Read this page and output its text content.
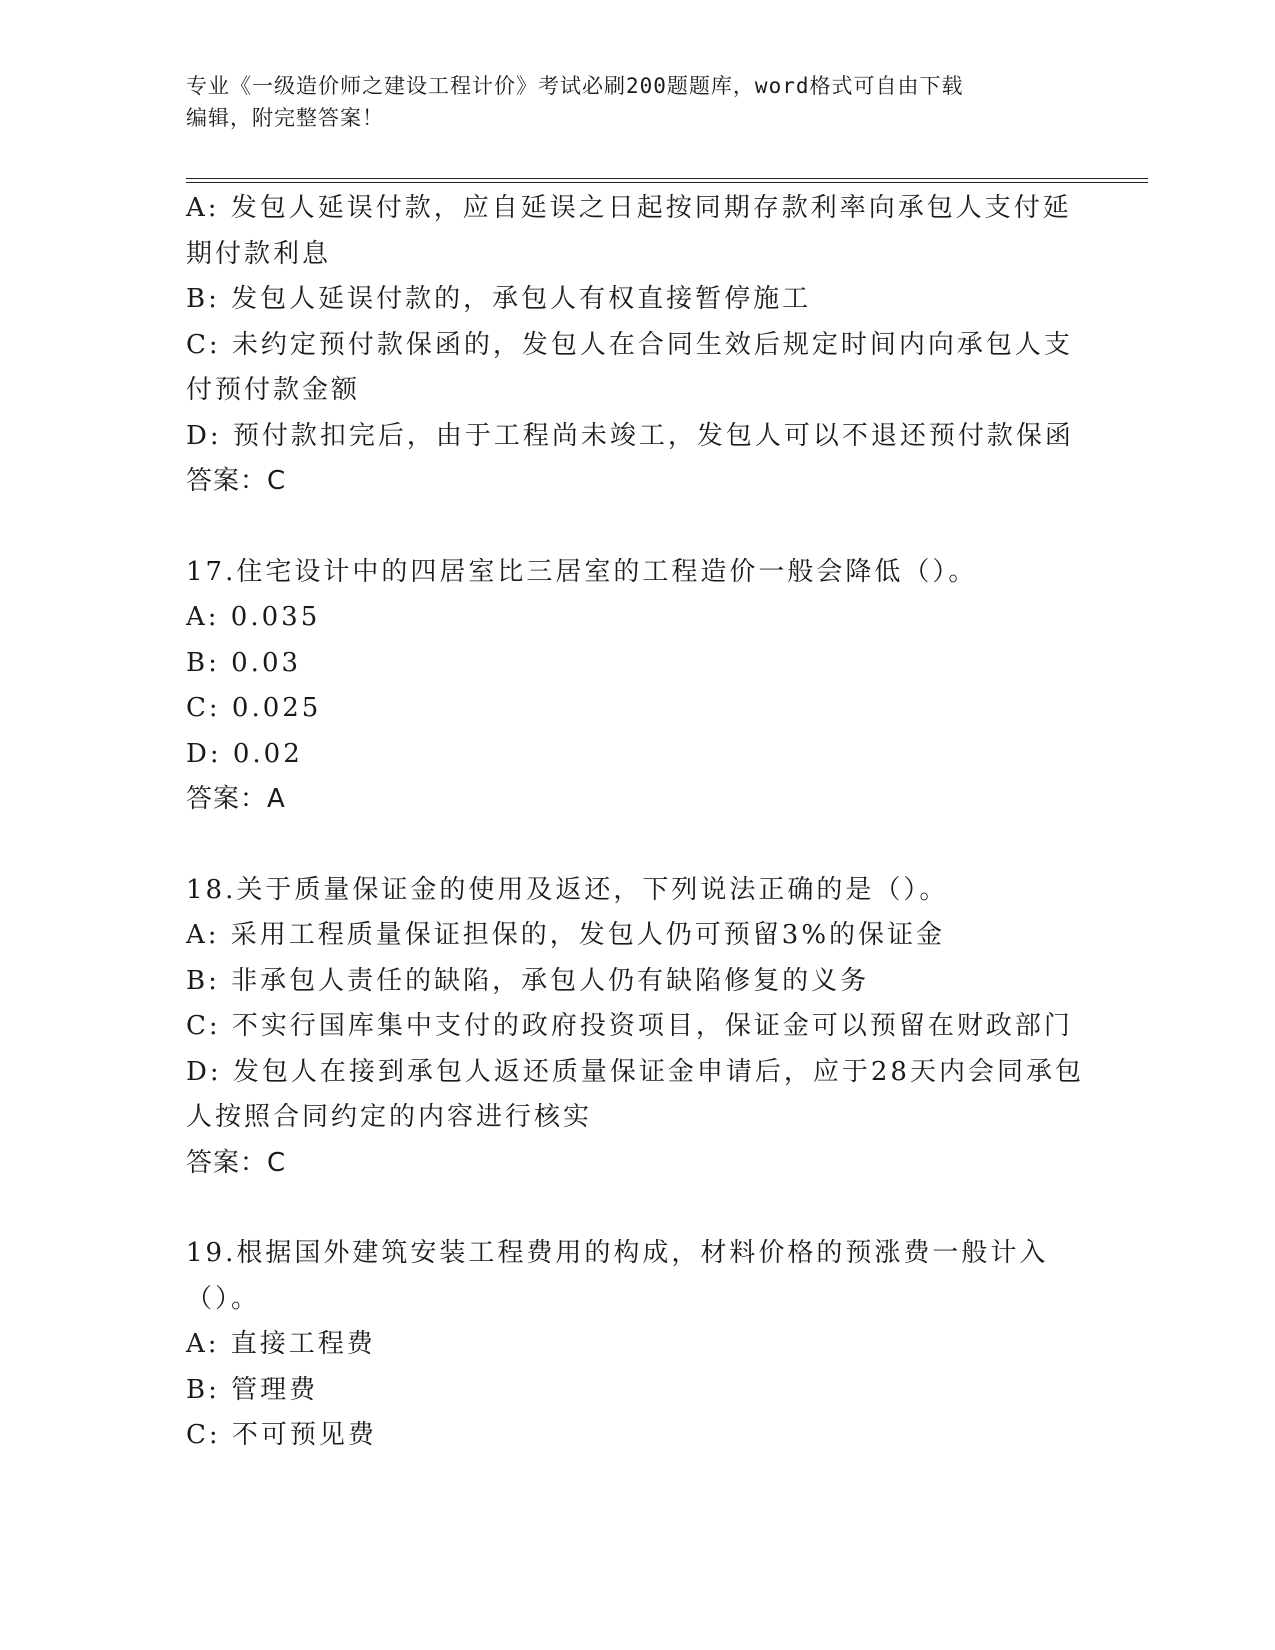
专业《一级造价师之建设工程计价》考试必刷200题题库，word格式可自由下载
编辑，附完整答案！

A: 发包人延误付款，应自延误之日起按同期存款利率向承包人支付延期付款利息

B: 发包人延误付款的，承包人有权直接暂停施工

C: 未约定预付款保函的，发包人在合同生效后规定时间内向承包人支付预付款金额

D: 预付款扣完后，由于工程尚未竣工，发包人可以不退还预付款保函

答案：C

17.住宅设计中的四居室比三居室的工程造价一般会降低（）。

A: 0.035

B: 0.03

C: 0.025

D: 0.02

答案：A

18.关于质量保证金的使用及返还，下列说法正确的是（）。

A: 采用工程质量保证担保的，发包人仍可预留3%的保证金

B: 非承包人责任的缺陷，承包人仍有缺陷修复的义务

C: 不实行国库集中支付的政府投资项目，保证金可以预留在财政部门

D: 发包人在接到承包人返还质量保证金申请后，应于28天内会同承包人按照合同约定的内容进行核实

答案：C

19.根据国外建筑安装工程费用的构成，材料价格的预涨费一般计入（）。

A: 直接工程费

B: 管理费

C: 不可预见费
